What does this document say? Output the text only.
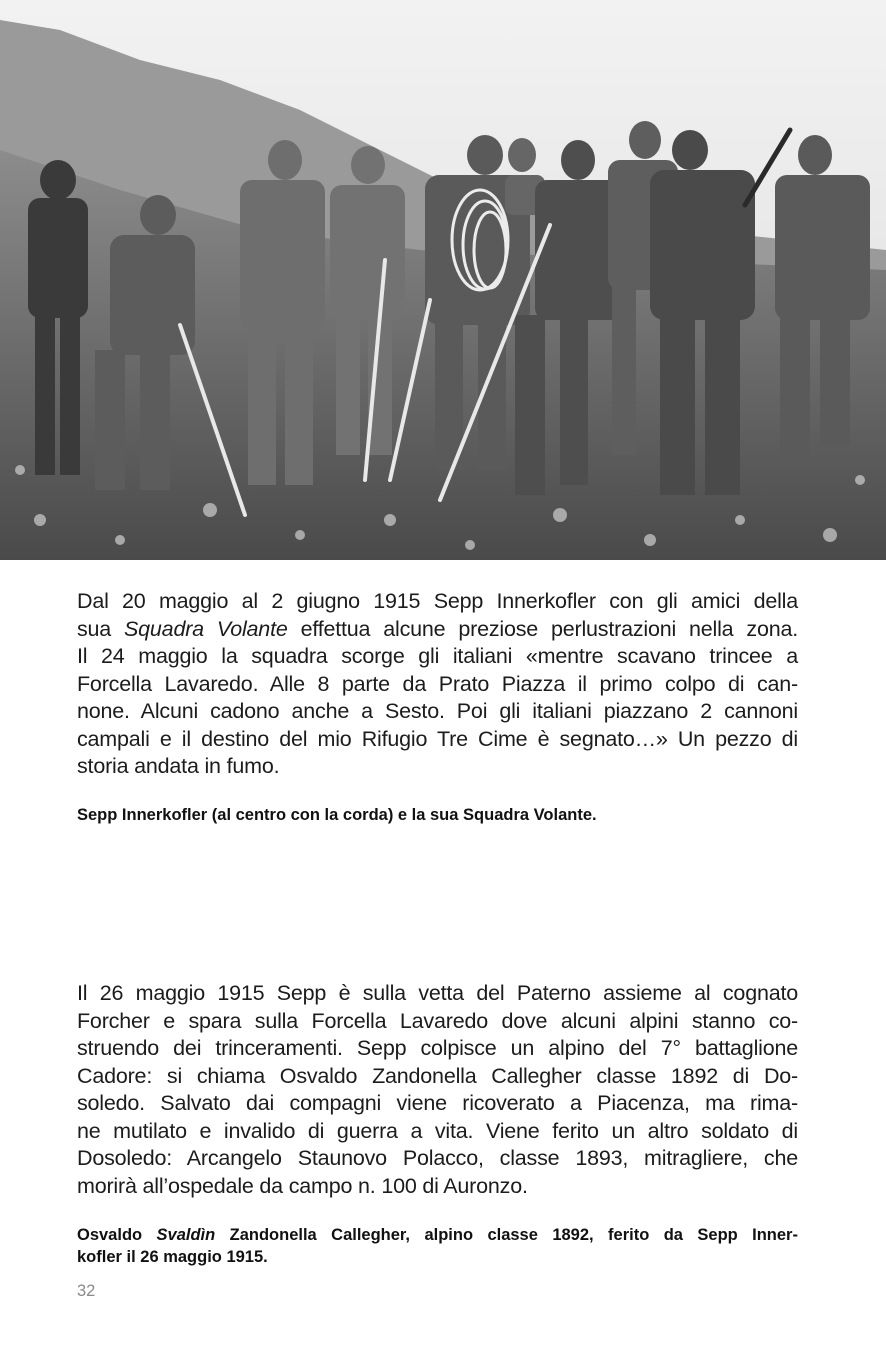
Dal 20 maggio al 2 giugno 1915 Sepp Innerkofler con gli amici della
sua Squadra Volante effettua alcune preziose perlustrazioni nella zona.
Il 24 maggio la squadra scorge gli italiani «mentre scavano trincee a
Forcella Lavaredo. Alle 8 parte da Prato Piazza il primo colpo di can-
none. Alcuni cadono anche a Sesto. Poi gli italiani piazzano 2 cannoni
campali e il destino del mio Rifugio Tre Cime è segnato…» Un pezzo di
storia andata in fumo.

Sepp Innerkofler (al centro con la corda) e la sua Squadra Volante.

Il 26 maggio 1915 Sepp è sulla vetta del Paterno assieme al cognato
Forcher e spara sulla Forcella Lavaredo dove alcuni alpini stanno co-
struendo dei trinceramenti. Sepp colpisce un alpino del 7° battaglione
Cadore: si chiama Osvaldo Zandonella Callegher classe 1892 di Do-
soledo. Salvato dai compagni viene ricoverato a Piacenza, ma rima-
ne mutilato e invalido di guerra a vita. Viene ferito un altro soldato di
Dosoledo: Arcangelo Staunovo Polacco, classe 1893, mitragliere, che
morirà all’ospedale da campo n. 100 di Auronzo.

Osvaldo Svaldìn Zandonella Callegher, alpino classe 1892, ferito da Sepp Inner-
kofler il 26 maggio 1915.

32
